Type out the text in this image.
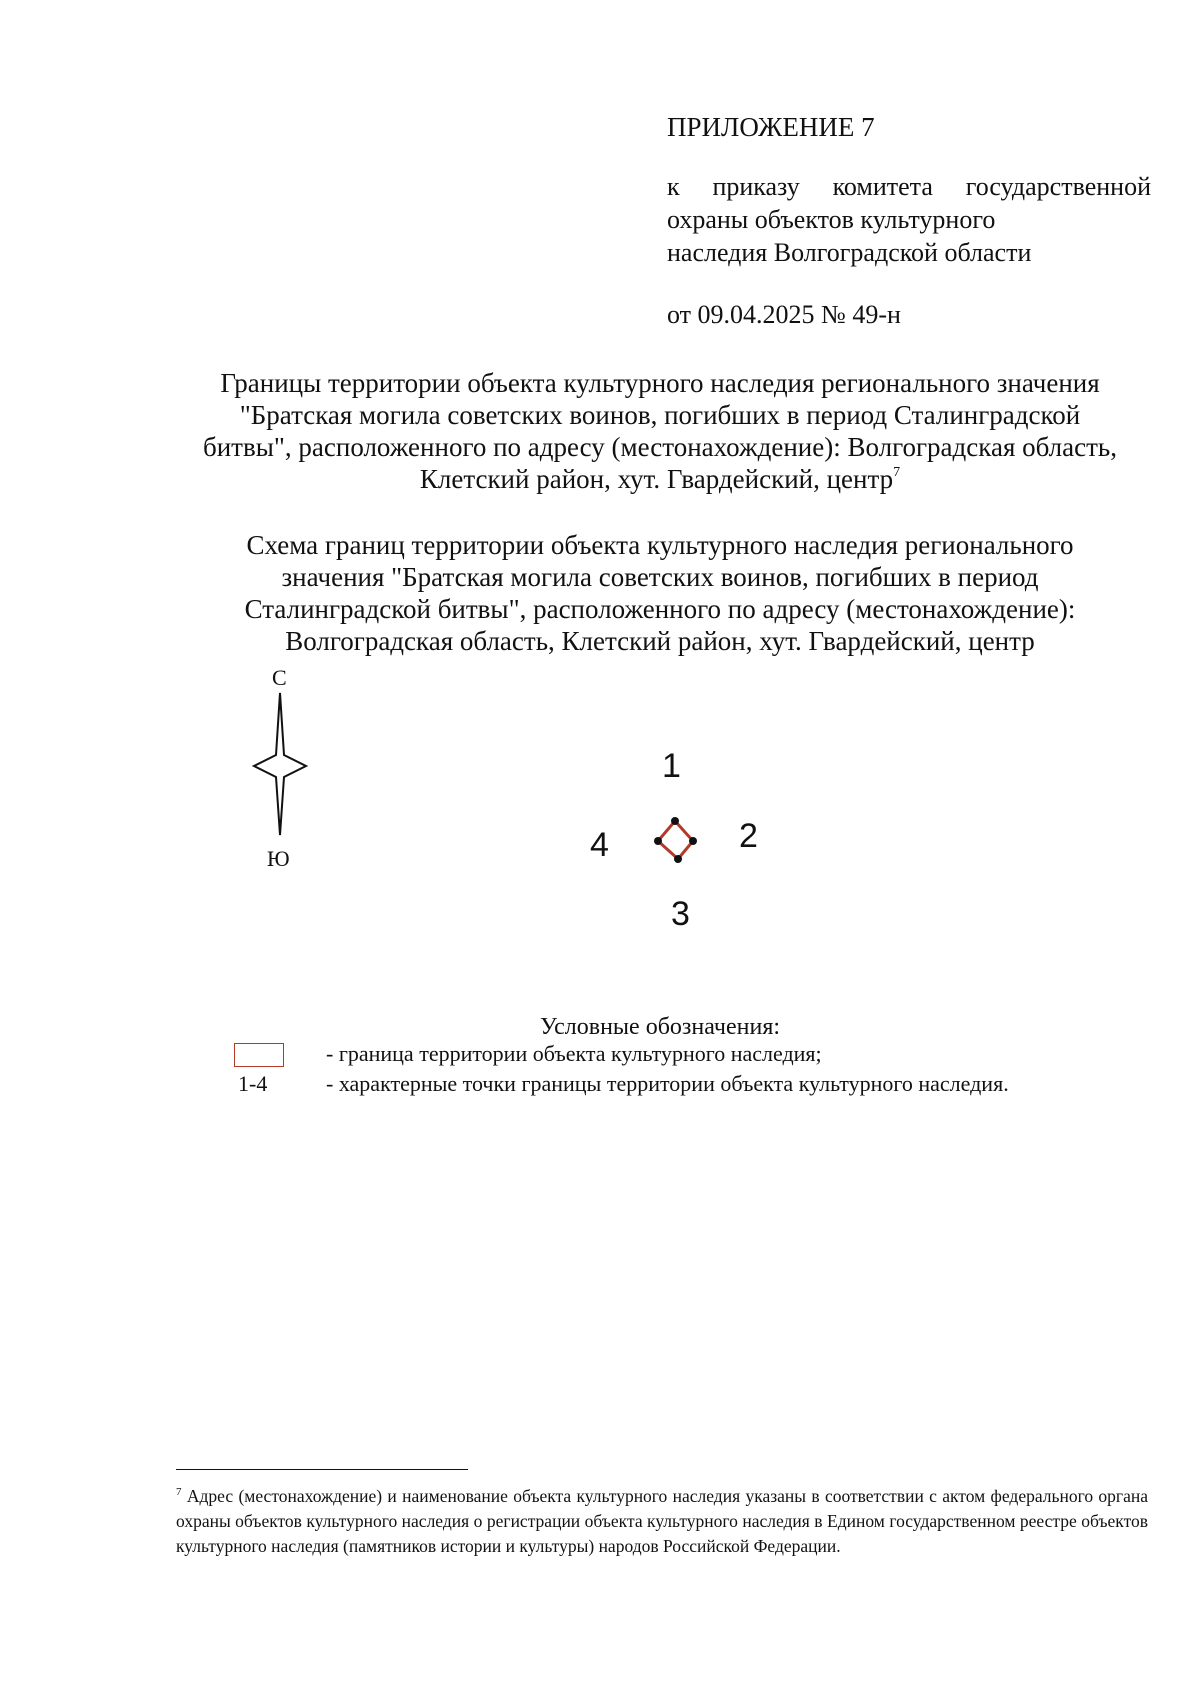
ПРИЛОЖЕНИЕ 7
к приказу комитета государственной
охраны объектов культурного
наследия Волгоградской области
от 09.04.2025 № 49-н
Границы территории объекта культурного наследия регионального значения
"Братская могила советских воинов, погибших в период Сталинградской
битвы", расположенного по адресу (местонахождение): Волгоградская область,
Клетский район, хут. Гвардейский, центр$^7$
Схема границ территории объекта культурного наследия регионального
значения "Братская могила советских воинов, погибших в период
Сталинградской битвы", расположенного по адресу (местонахождение):
Волгоградская область, Клетский район, хут. Гвардейский, центр
С
Ю
1
2
3
4
Условные обозначения:
- граница территории объекта культурного наследия;
1-4	- характерные точки границы территории объекта культурного наследия.
$^7$ Адрес (местонахождение) и наименование объекта культурного наследия указаны в соответствии с актом федерального органа охраны объектов культурного наследия о регистрации объекта культурного наследия в Едином государственном реестре объектов культурного наследия (памятников истории и культуры) народов Российской Федерации.
